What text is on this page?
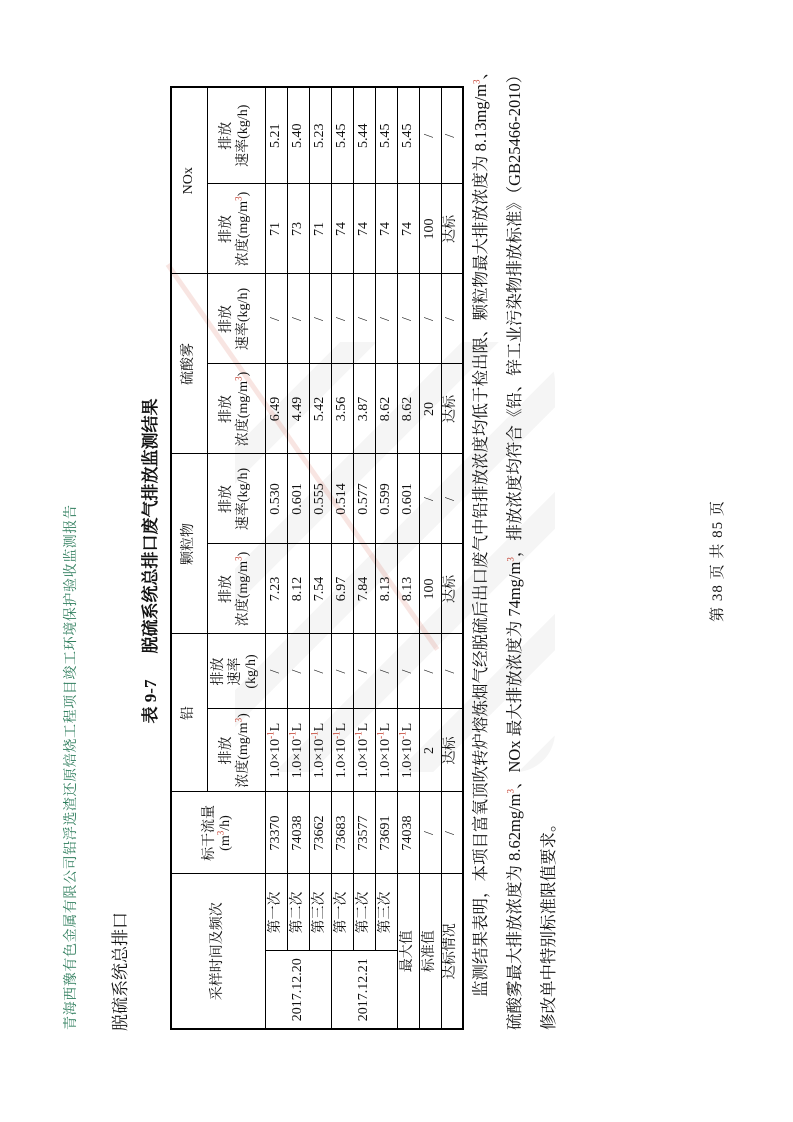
青海西豫有色金属有限公司铅浮选渣还原焙烧工程项目竣工环境保护验收监测报告 脱硫系统总排口
表 9-7脱硫系统总排口废气排放监测结果
采样时间及频次		标干流量 $(m^3/h)$	铅		颗粒物		硫酸雾		NOx	
			排放 浓度$(mg/m^3)$	排放 速率 (kg/h)	排放 浓度$(mg/m^3)$	排放 速率(kg/h)	排放 浓度$(mg/m^3)$	排放 速率(kg/h)	排放 浓度$(mg/m^3)$	排放 速率(kg/h)
2017.12.20	第一次	73370	$1.0\times 10^{-1}L$	/	7.23	0.530	6.49	/	71	5.21
	第二次	74038	$1.0\times 10^{-1}L$	/	8.12	0.601	4.49	/	73	5.40
	第三次	73662	$1.0\times 10^{-1}L$	/	7.54	0.555	5.42	/	71	5.23
2017.12.21	第一次	73683	$1.0\times 10^{-1}L$	/	6.97	0.514	3.56	/	74	5.45
	第二次	73577	$1.0\times 10^{-1}L$	/	7.84	0.577	3.87	/	74	5.44
	第三次	73691	$1.0\times 10^{-1}L$	/	8.13	0.599	8.62	/	74	5.45
最大值		74038	$1.0\times 10^{-1}L$	/	8.13	0.601	8.62	/	74	5.45
标准值		/	2	/	100	/	20	/	100	/
达标情况		/	达标	/	达标	/	达标	/	达标	/ 监测结果表明，本项目富氧顶吹转炉熔炼烟气经脱硫后出口废气中铅排放浓度均低于检出限、颗粒物最大排放浓度为 $8.13mg/m^3$、
硫酸雾最大排放浓度为 $8.62mg/m^3$、NOx 最大排放浓度为 $74mg/m^3$，排放浓度均符合《铅、锌工业污染物排放标准》（GB25466-2010）
修改单中特别标准限值要求。
第 38 页 共 85 页
